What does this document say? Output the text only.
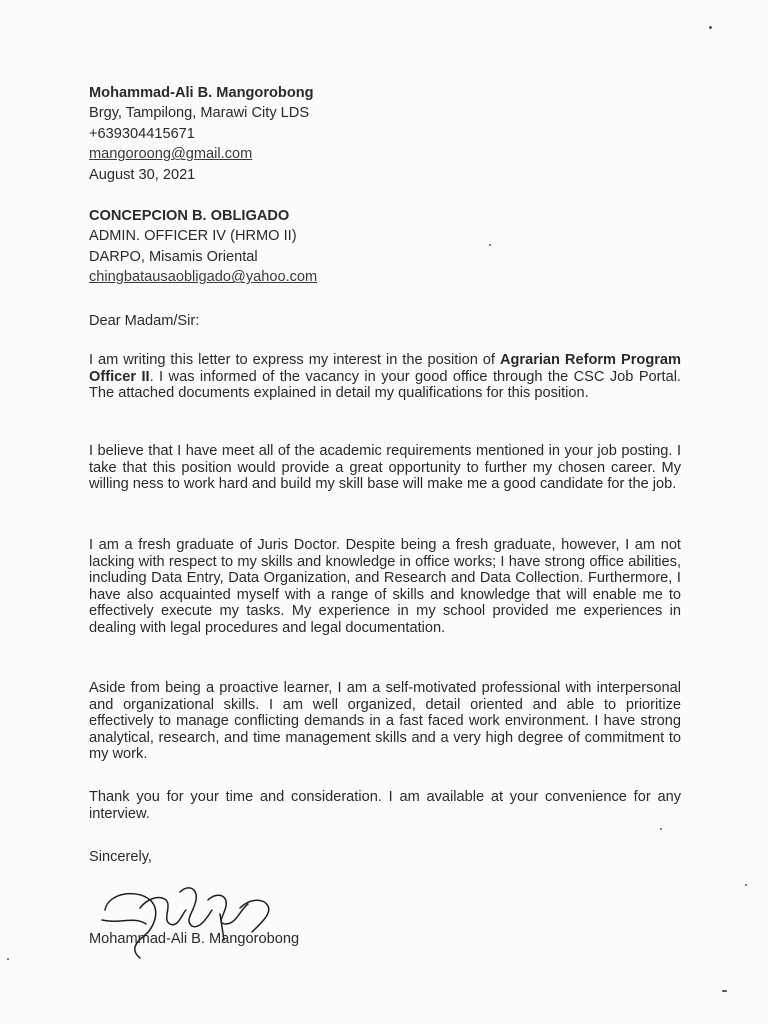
Mohammad-Ali B. Mangorobong
Brgy, Tampilong, Marawi City LDS
+639304415671
mangoroong@gmail.com
August 30, 2021
CONCEPCION B. OBLIGADO
ADMIN. OFFICER IV (HRMO II)
DARPO, Misamis Oriental
chingbatausaobligado@yahoo.com
Dear Madam/Sir:
I am writing this letter to express my interest in the position of Agrarian Reform Program Officer II. I was informed of the vacancy in your good office through the CSC Job Portal. The attached documents explained in detail my qualifications for this position.
I believe that I have meet all of the academic requirements mentioned in your job posting. I take that this position would provide a great opportunity to further my chosen career. My willing ness to work hard and build my skill base will make me a good candidate for the job.
I am a fresh graduate of Juris Doctor. Despite being a fresh graduate, however, I am not lacking with respect to my skills and knowledge in office works; I have strong office abilities, including Data Entry, Data Organization, and Research and Data Collection. Furthermore, I have also acquainted myself with a range of skills and knowledge that will enable me to effectively execute my tasks. My experience in my school provided me experiences in dealing with legal procedures and legal documentation.
Aside from being a proactive learner, I am a self-motivated professional with interpersonal and organizational skills. I am well organized, detail oriented and able to prioritize effectively to manage conflicting demands in a fast faced work environment. I have strong analytical, research, and time management skills and a very high degree of commitment to my work.
Thank you for your time and consideration. I am available at your convenience for any interview.
Sincerely,
Mohammad-Ali B. Mangorobong
